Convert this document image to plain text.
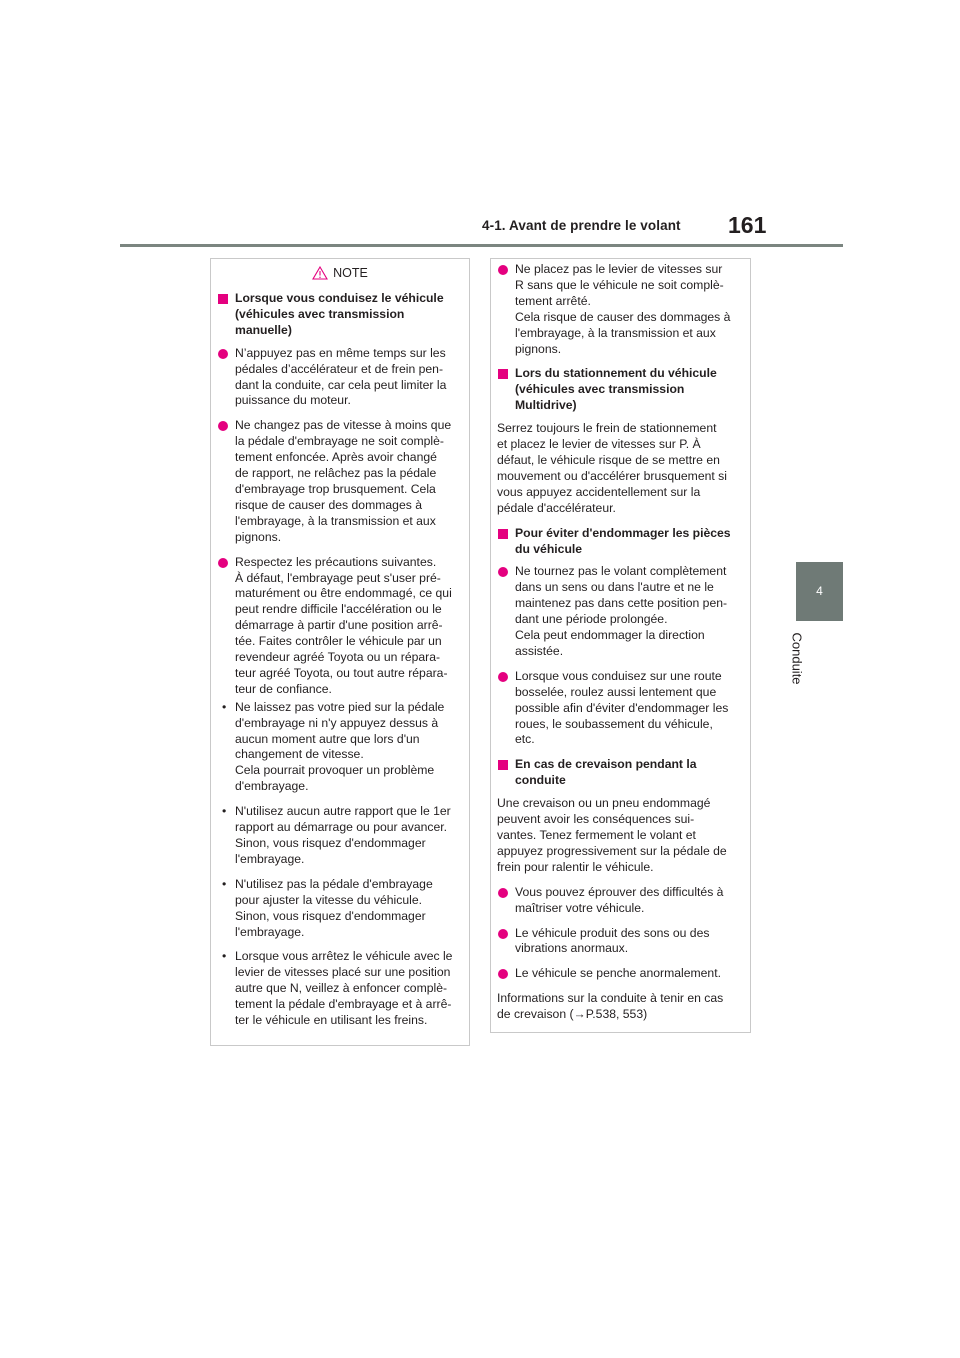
4-1. Avant de prendre le volant 161
4
Conduite
NOTE
Lorsque vous conduisez le véhicule
(véhicules avec transmission
manuelle)
N’appuyez pas en même temps sur les
pédales d’accélérateur et de frein pen-
dant la conduite, car cela peut limiter la
puissance du moteur.
Ne changez pas de vitesse à moins que
la pédale d'embrayage ne soit complè-
tement enfoncée. Après avoir changé
de rapport, ne relâchez pas la pédale
d'embrayage trop brusquement. Cela
risque de causer des dommages à
l'embrayage, à la transmission et aux
pignons.
Respectez les précautions suivantes.
À défaut, l'embrayage peut s'user pré-
maturément ou être endommagé, ce qui
peut rendre difficile l'accélération ou le
démarrage à partir d'une position arrê-
tée. Faites contrôler le véhicule par un
revendeur agréé Toyota ou un répara-
teur agréé Toyota, ou tout autre répara-
teur de confiance.
• Ne laissez pas votre pied sur la pédale
d'embrayage ni n'y appuyez dessus à
aucun moment autre que lors d'un
changement de vitesse.
Cela pourrait provoquer un problème
d'embrayage.
• N'utilisez aucun autre rapport que le 1er
rapport au démarrage ou pour avancer.
Sinon, vous risquez d'endommager
l'embrayage.
• N'utilisez pas la pédale d'embrayage
pour ajuster la vitesse du véhicule.
Sinon, vous risquez d'endommager
l'embrayage.
• Lorsque vous arrêtez le véhicule avec le
levier de vitesses placé sur une position
autre que N, veillez à enfoncer complè-
tement la pédale d'embrayage et à arrê-
ter le véhicule en utilisant les freins.
Ne placez pas le levier de vitesses sur
R sans que le véhicule ne soit complè-
tement arrêté.
Cela risque de causer des dommages à
l'embrayage, à la transmission et aux
pignons.
Lors du stationnement du véhicule
(véhicules avec transmission
Multidrive)
Serrez toujours le frein de stationnement
et placez le levier de vitesses sur P. À
défaut, le véhicule risque de se mettre en
mouvement ou d'accélérer brusquement si
vous appuyez accidentellement sur la
pédale d'accélérateur.
Pour éviter d'endommager les pièces
du véhicule
Ne tournez pas le volant complètement
dans un sens ou dans l'autre et ne le
maintenez pas dans cette position pen-
dant une période prolongée.
Cela peut endommager la direction
assistée.
Lorsque vous conduisez sur une route
bosselée, roulez aussi lentement que
possible afin d'éviter d'endommager les
roues, le soubassement du véhicule,
etc.
En cas de crevaison pendant la
conduite
Une crevaison ou un pneu endommagé
peuvent avoir les conséquences sui-
vantes. Tenez fermement le volant et
appuyez progressivement sur la pédale de
frein pour ralentir le véhicule.
Vous pouvez éprouver des difficultés à
maîtriser votre véhicule.
Le véhicule produit des sons ou des
vibrations anormaux.
Le véhicule se penche anormalement.
Informations sur la conduite à tenir en cas
de crevaison (→P.538, 553)
